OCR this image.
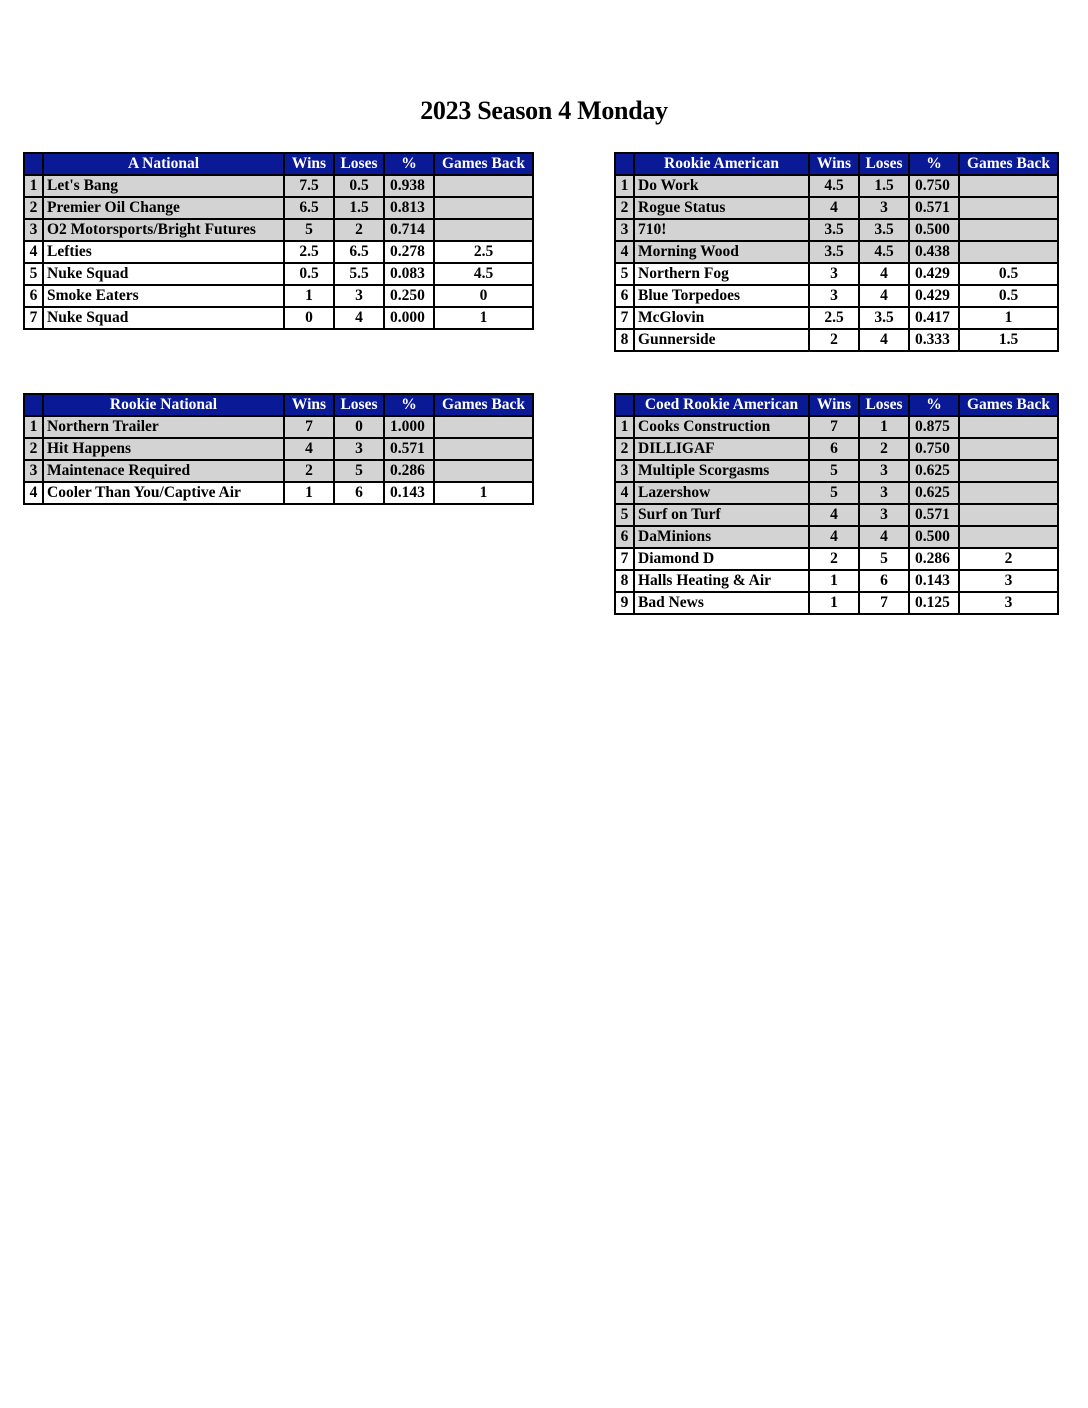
2023 Season 4 Monday
	A National	Wins	Loses	%	Games Back
1	Let's Bang	7.5	0.5	0.938	
2	Premier Oil Change	6.5	1.5	0.813	
3	O2 Motorsports/Bright Futures	5	2	0.714	
4	Lefties	2.5	6.5	0.278	2.5
5	Nuke Squad	0.5	5.5	0.083	4.5
6	Smoke Eaters	1	3	0.250	0
7	Nuke Squad	0	4	0.000	1
	Rookie American	Wins	Loses	%	Games Back
1	Do Work	4.5	1.5	0.750	
2	Rogue Status	4	3	0.571	
3	710!	3.5	3.5	0.500	
4	Morning Wood	3.5	4.5	0.438	
5	Northern Fog	3	4	0.429	0.5
6	Blue Torpedoes	3	4	0.429	0.5
7	McGlovin	2.5	3.5	0.417	1
8	Gunnerside	2	4	0.333	1.5
	Rookie National	Wins	Loses	%	Games Back
1	Northern Trailer	7	0	1.000	
2	Hit Happens	4	3	0.571	
3	Maintenace Required	2	5	0.286	
4	Cooler Than You/Captive Air	1	6	0.143	1
	Coed Rookie American	Wins	Loses	%	Games Back
1	Cooks Construction	7	1	0.875	
2	DILLIGAF	6	2	0.750	
3	Multiple Scorgasms	5	3	0.625	
4	Lazershow	5	3	0.625	
5	Surf on Turf	4	3	0.571	
6	DaMinions	4	4	0.500	
7	Diamond D	2	5	0.286	2
8	Halls Heating & Air	1	6	0.143	3
9	Bad News	1	7	0.125	3
